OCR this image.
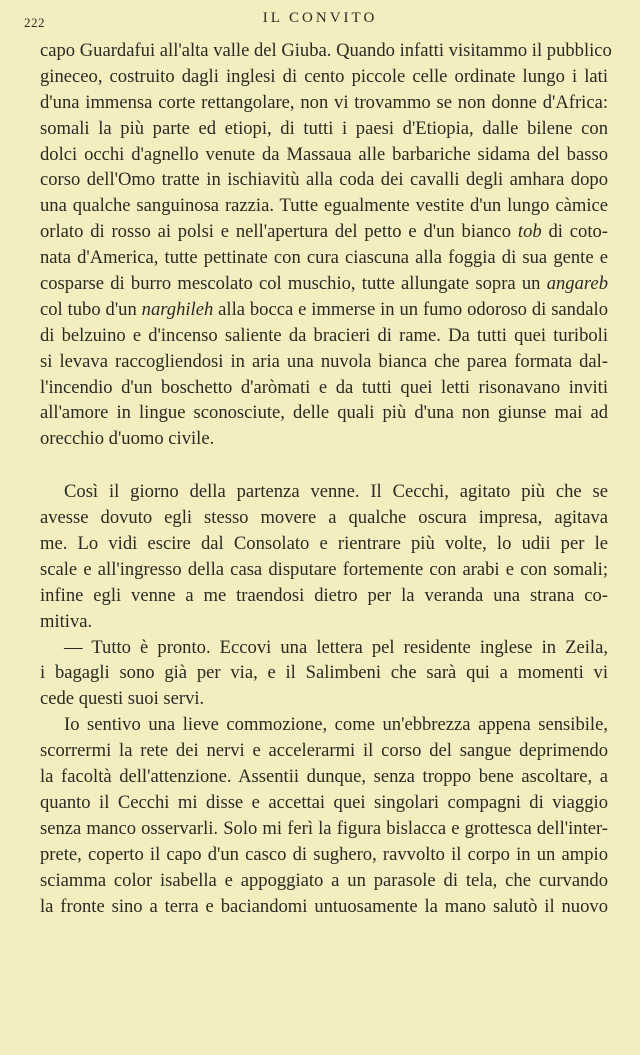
222	IL CONVITO
capo Guardafui all'alta valle del Giuba. Quando infatti visitammo il pubblico
gineceo, costruito dagli inglesi di cento piccole celle ordinate lungo i lati
d'una immensa corte rettangolare, non vi trovammo se non donne d'Africa:
somali la più parte ed etiopi, di tutti i paesi d'Etiopia, dalle bilene con
dolci occhi d'agnello venute da Massaua alle barbariche sidama del basso
corso dell'Omo tratte in ischiavitù alla coda dei cavalli degli amhara dopo
una qualche sanguinosa razzia. Tutte egualmente vestite d'un lungo càmice
orlato di rosso ai polsi e nell'apertura del petto e d'un bianco tob di coto-
nata d'America, tutte pettinate con cura ciascuna alla foggia di sua gente e
cosparse di burro mescolato col muschio, tutte allungate sopra un angareb
col tubo d'un narghileh alla bocca e immerse in un fumo odoroso di sandalo
di belzuino e d'incenso saliente da bracieri di rame. Da tutti quei turiboli
si levava raccogliendosi in aria una nuvola bianca che parea formata dal-
l'incendio d'un boschetto d'aròmati e da tutti quei letti risonavano inviti
all'amore in lingue sconosciute, delle quali più d'una non giunse mai ad
orecchio d'uomo civile.
Così il giorno della partenza venne. Il Cecchi, agitato più che se
avesse dovuto egli stesso movere a qualche oscura impresa, agitava
me. Lo vidi escire dal Consolato e rientrare più volte, lo udii per le
scale e all'ingresso della casa disputare fortemente con arabi e con somali;
infine egli venne a me traendosi dietro per la veranda una strana co-
mitiva.
— Tutto è pronto. Eccovi una lettera pel residente inglese in Zeila,
i bagagli sono già per via, e il Salimbeni che sarà qui a momenti vi
cede questi suoi servi.
Io sentivo una lieve commozione, come un'ebbrezza appena sensibile,
scorrermi la rete dei nervi e accelerarmi il corso del sangue deprimendo
la facoltà dell'attenzione. Assentii dunque, senza troppo bene ascoltare, a
quanto il Cecchi mi disse e accettai quei singolari compagni di viaggio
senza manco osservarli. Solo mi ferì la figura bislacca e grottesca dell'inter-
prete, coperto il capo d'un casco di sughero, ravvolto il corpo in un ampio
sciamma color isabella e appoggiato a un parasole di tela, che curvando
la fronte sino a terra e baciandomi untuosamente la mano salutò il nuovo
